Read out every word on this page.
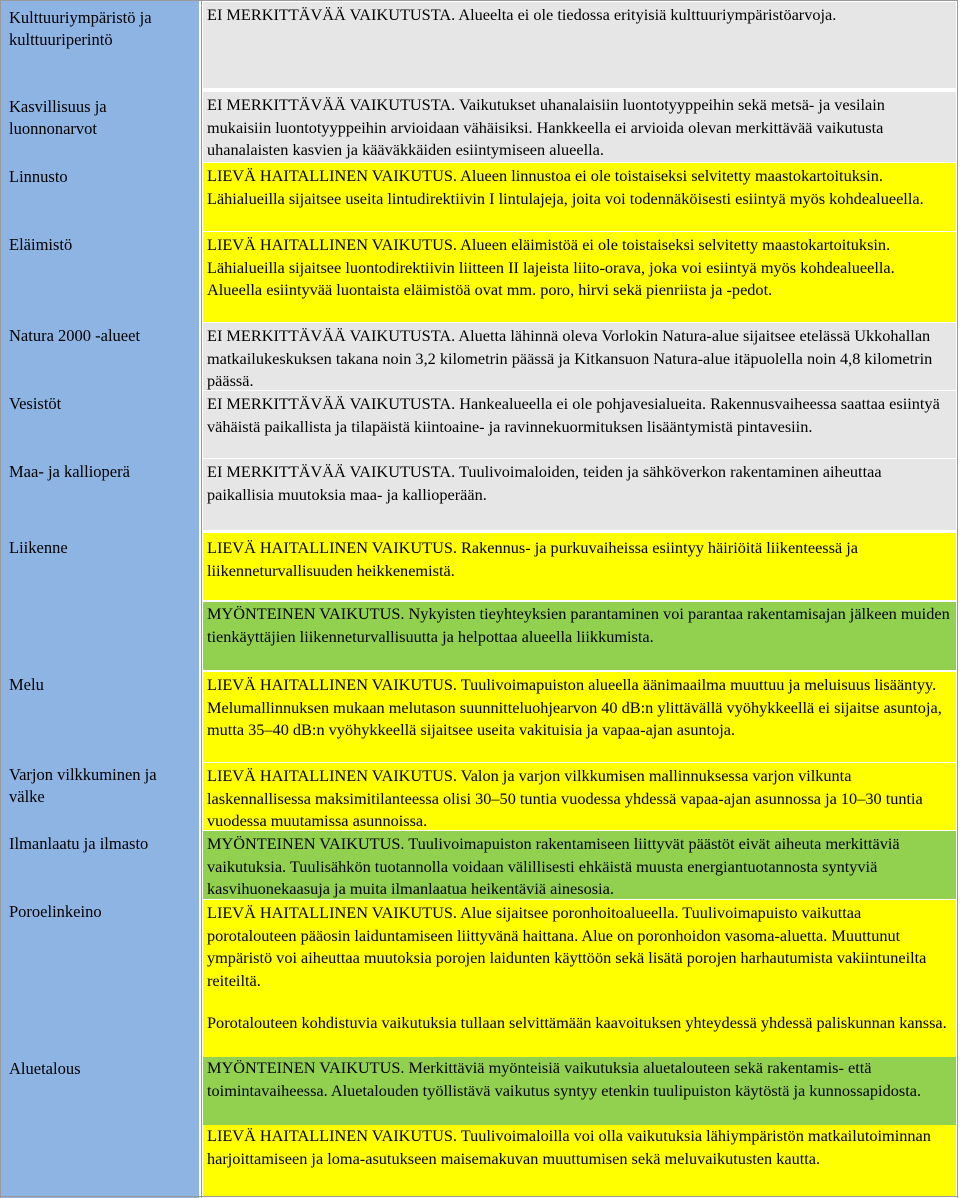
Kulttuuriympäristö ja kulttuuriperintö
Kasvillisuus ja luonnonarvot
Linnusto
Eläimistö
Natura 2000 -alueet
Vesistöt
Maa- ja kallioperä
Liikenne
Melu
Varjon vilkkuminen ja välke
Ilmanlaatu ja ilmasto
Poroelinkeino
Aluetalous
EI MERKITTÄVÄÄ VAIKUTUSTA. Alueelta ei ole tiedossa erityisiä kulttuuriympäristöarvoja.
EI MERKITTÄVÄÄ VAIKUTUSTA. Vaikutukset uhanalaisiin luontotyyppeihin sekä metsä- ja vesilain mukaisiin luontotyyppeihin arvioidaan vähäisiksi. Hankkeella ei arvioida olevan merkittävää vaikutusta uhanalaisten kasvien ja kääväkkäiden esiintymiseen alueella.
LIEVÄ HAITALLINEN VAIKUTUS. Alueen linnustoa ei ole toistaiseksi selvitetty maastokartoituksin. Lähialueilla sijaitsee useita lintudirektiivin I lintulajeja, joita voi todennäköisesti esiintyä myös kohdealueella.
LIEVÄ HAITALLINEN VAIKUTUS. Alueen eläimistöä ei ole toistaiseksi selvitetty maastokartoituksin. Lähialueilla sijaitsee luontodirektiivin liitteen II lajeista liito-orava, joka voi esiintyä myös kohdealueella. Alueella esiintyvää luontaista eläimistöä ovat mm. poro, hirvi sekä pienriista ja -pedot.
EI MERKITTÄVÄÄ VAIKUTUSTA. Aluetta lähinnä oleva Vorlokin Natura-alue sijaitsee etelässä Ukkohallan matkailukeskuksen takana noin 3,2 kilometrin päässä ja Kitkansuon Natura-alue itäpuolella noin 4,8 kilometrin päässä.
EI MERKITTÄVÄÄ VAIKUTUSTA. Hankealueella ei ole pohjavesialueita. Rakennusvaiheessa saattaa esiintyä vähäistä paikallista ja tilapäistä kiintoaine- ja ravinnekuormituksen lisääntymistä pintavesiin.
EI MERKITTÄVÄÄ VAIKUTUSTA. Tuulivoimaloiden, teiden ja sähköverkon rakentaminen aiheuttaa paikallisia muutoksia maa- ja kallioperään.
LIEVÄ HAITALLINEN VAIKUTUS. Rakennus- ja purkuvaiheissa esiintyy häiriöitä liikenteessä ja liikenneturvallisuuden heikkenemistä.
MYÖNTEINEN VAIKUTUS. Nykyisten tieyhteyksien parantaminen voi parantaa rakentamisajan jälkeen muiden tienkäyttäjien liikenneturvallisuutta ja helpottaa alueella liikkumista.
LIEVÄ HAITALLINEN VAIKUTUS. Tuulivoimapuiston alueella äänimaailma muuttuu ja meluisuus lisääntyy. Melumallinnuksen mukaan melutason suunnitteluohjearvon 40 dB:n ylittävällä vyöhykkeellä ei sijaitse asuntoja, mutta 35–40 dB:n vyöhykkeellä sijaitsee useita vakituisia ja vapaa-ajan asuntoja.
LIEVÄ HAITALLINEN VAIKUTUS. Valon ja varjon vilkkumisen mallinnuksessa varjon vilkunta laskennallisessa maksimitilanteessa olisi 30–50 tuntia vuodessa yhdessä vapaa-ajan asunnossa ja 10–30 tuntia vuodessa muutamissa asunnoissa.
MYÖNTEINEN VAIKUTUS. Tuulivoimapuiston rakentamiseen liittyvät päästöt eivät aiheuta merkittäviä vaikutuksia. Tuulisähkön tuotannolla voidaan välillisesti ehkäistä muusta energiantuotannosta syntyviä kasvihuonekaasuja ja muita ilmanlaatua heikentäviä ainesosia.
LIEVÄ HAITALLINEN VAIKUTUS. Alue sijaitsee poronhoitoalueella. Tuulivoimapuisto vaikuttaa porotalouteen pääosin laiduntamiseen liittyvänä haittana. Alue on poronhoidon vasoma-aluetta. Muuttunut ympäristö voi aiheuttaa muutoksia porojen laidunten käyttöön sekä lisätä porojen harhautumista vakiintuneilta reiteiltä.
Porotalouteen kohdistuvia vaikutuksia tullaan selvittämään kaavoituksen yhteydessä yhdessä paliskunnan kanssa.
MYÖNTEINEN VAIKUTUS. Merkittäviä myönteisiä vaikutuksia aluetalouteen sekä rakentamis- että toimintavaiheessa. Aluetalouden työllistävä vaikutus syntyy etenkin tuulipuiston käytöstä ja kunnossapidosta.
LIEVÄ HAITALLINEN VAIKUTUS. Tuulivoimaloilla voi olla vaikutuksia lähiympäristön matkailutoiminnan harjoittamiseen ja loma-asutukseen maisemakuvan muuttumisen sekä meluvaikutusten kautta.
